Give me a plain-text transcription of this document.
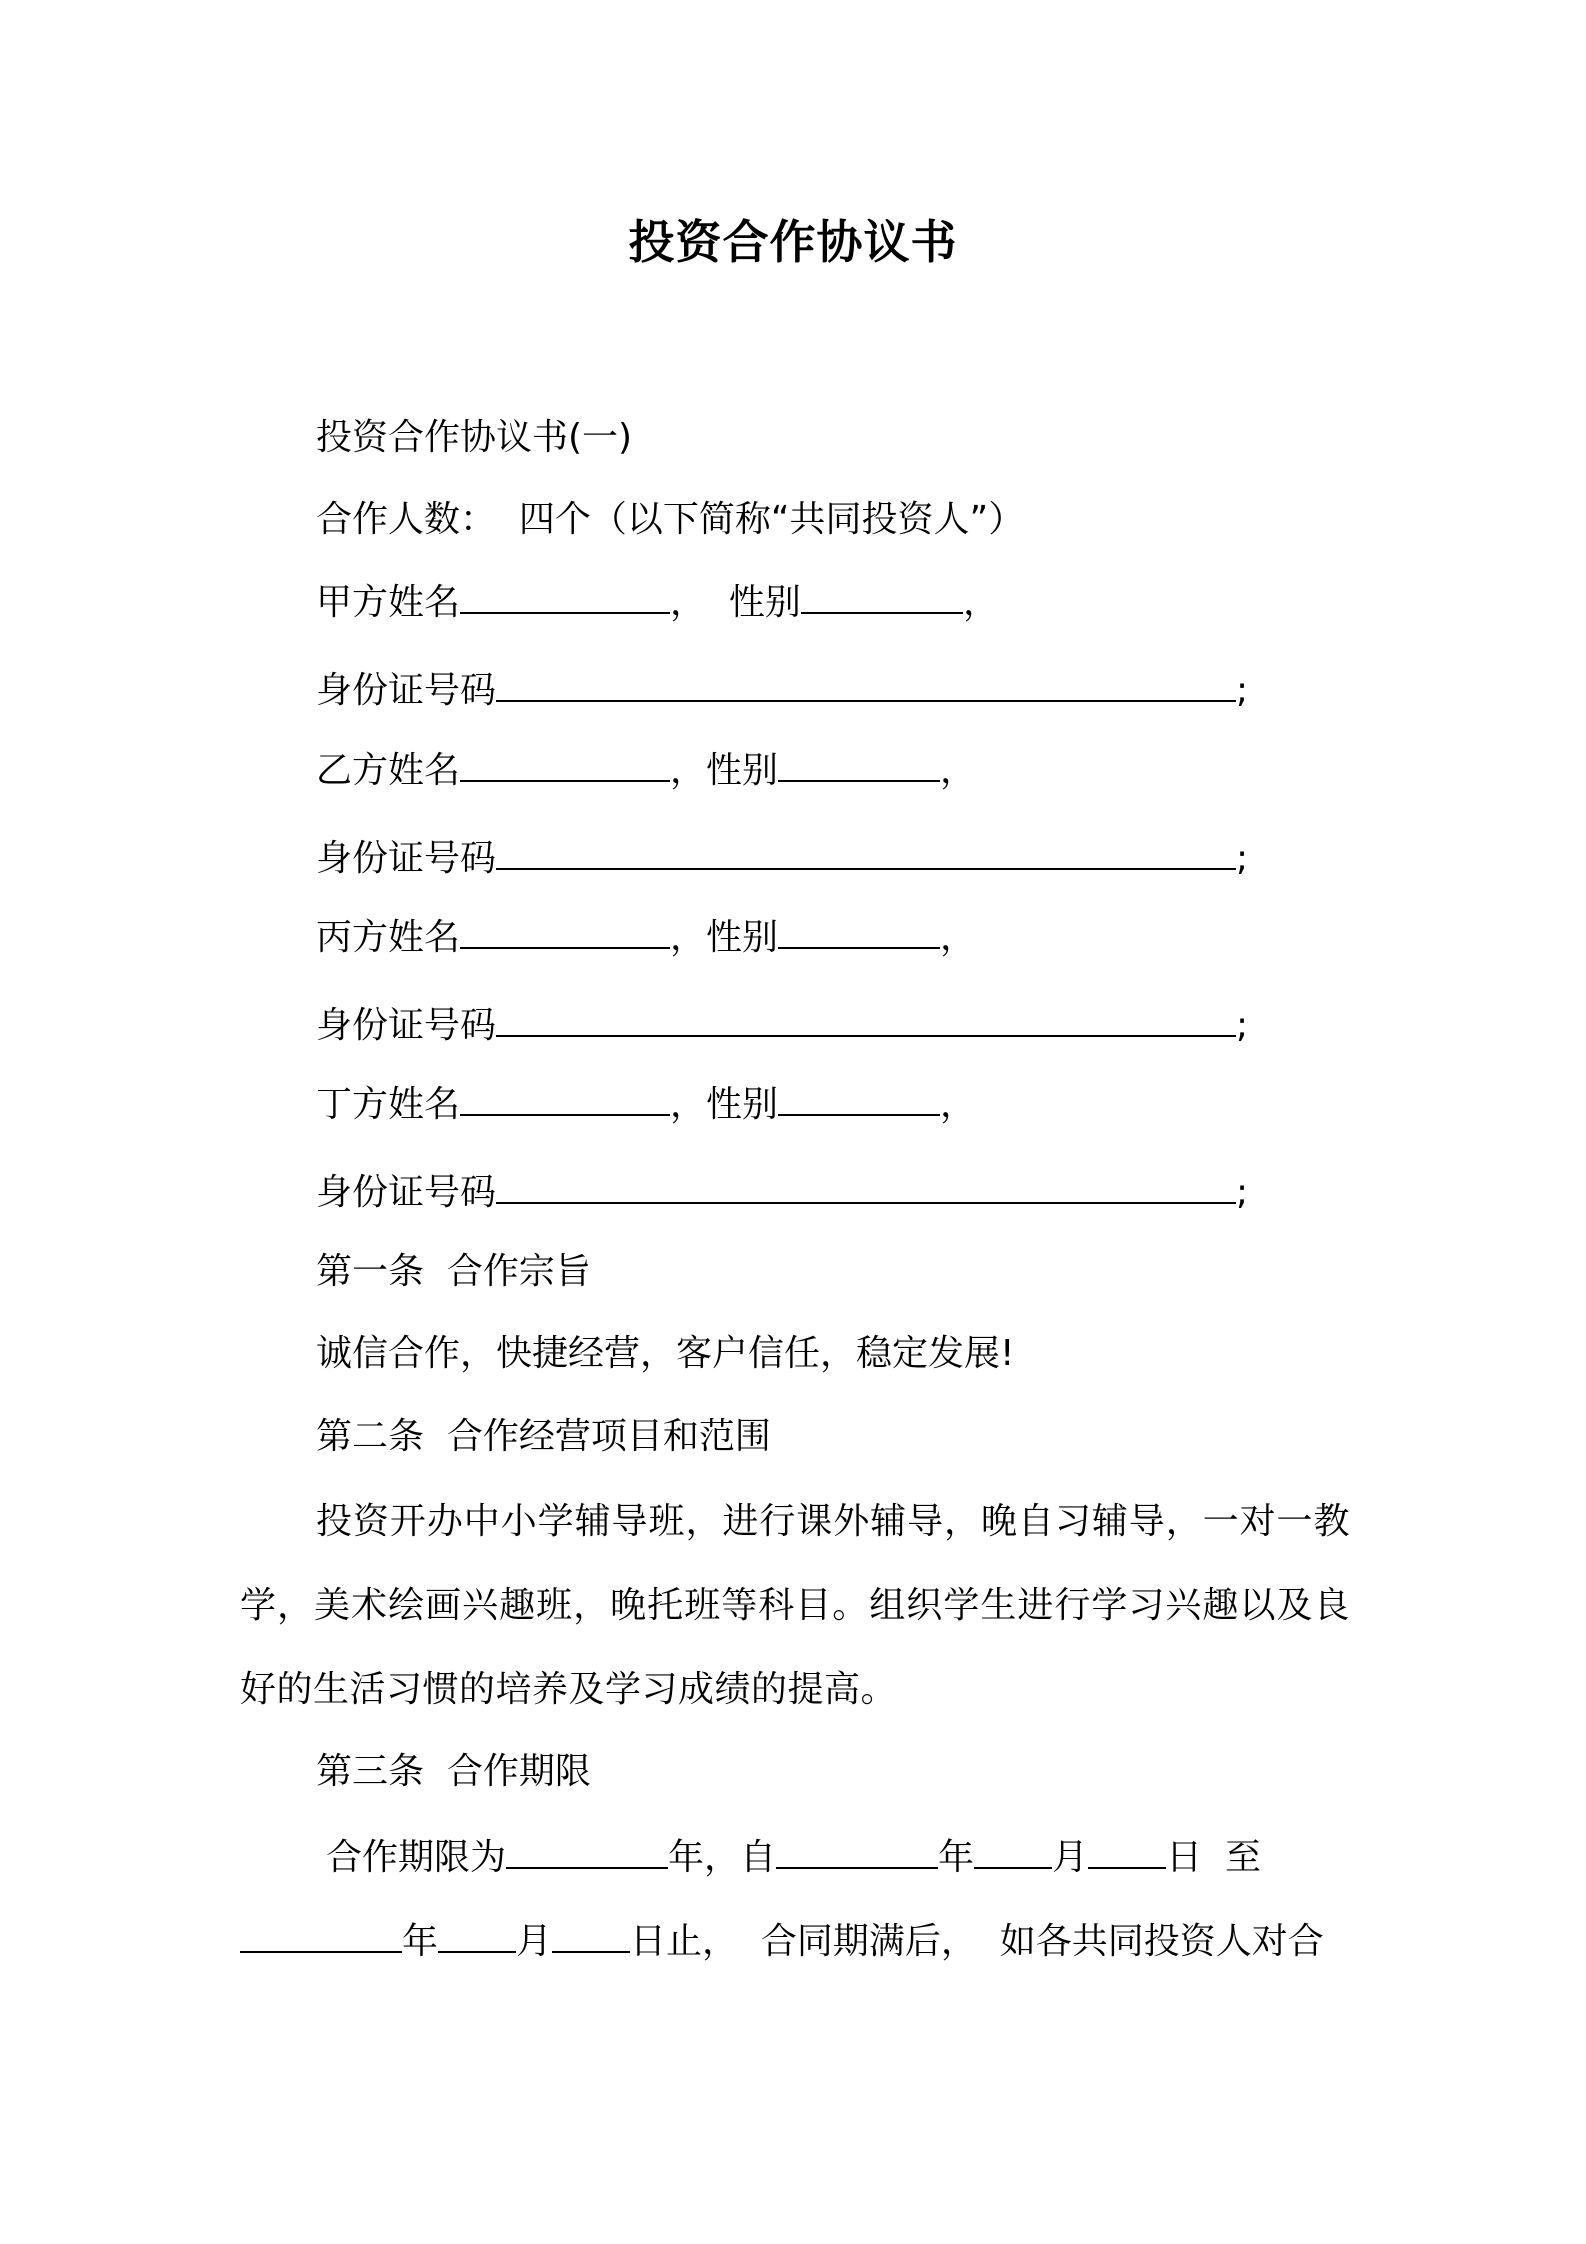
投资合作协议书
投资合作协议书(一)
合作人数：  四个（以下简称“共同投资人”）
甲方姓名	，  性别	，
身份证号码	;
乙方姓名	，性别	，
身份证号码	;
丙方姓名	，性别	，
身份证号码	;
丁方姓名	，性别	，
身份证号码	;
第一条  合作宗旨
诚信合作，快捷经营，客户信任，稳定发展!
第二条  合作经营项目和范围
投资开办中小学辅导班，进行课外辅导，晚自习辅导，一对一教学，美术绘画兴趣班，晚托班等科目。组织学生进行学习兴趣以及良好的生活习惯的培养及学习成绩的提高。
第三条  合作期限
合作期限为	年，自	年 月 日  至
年 月 日止，  合同期满后，  如各共同投资人对合
